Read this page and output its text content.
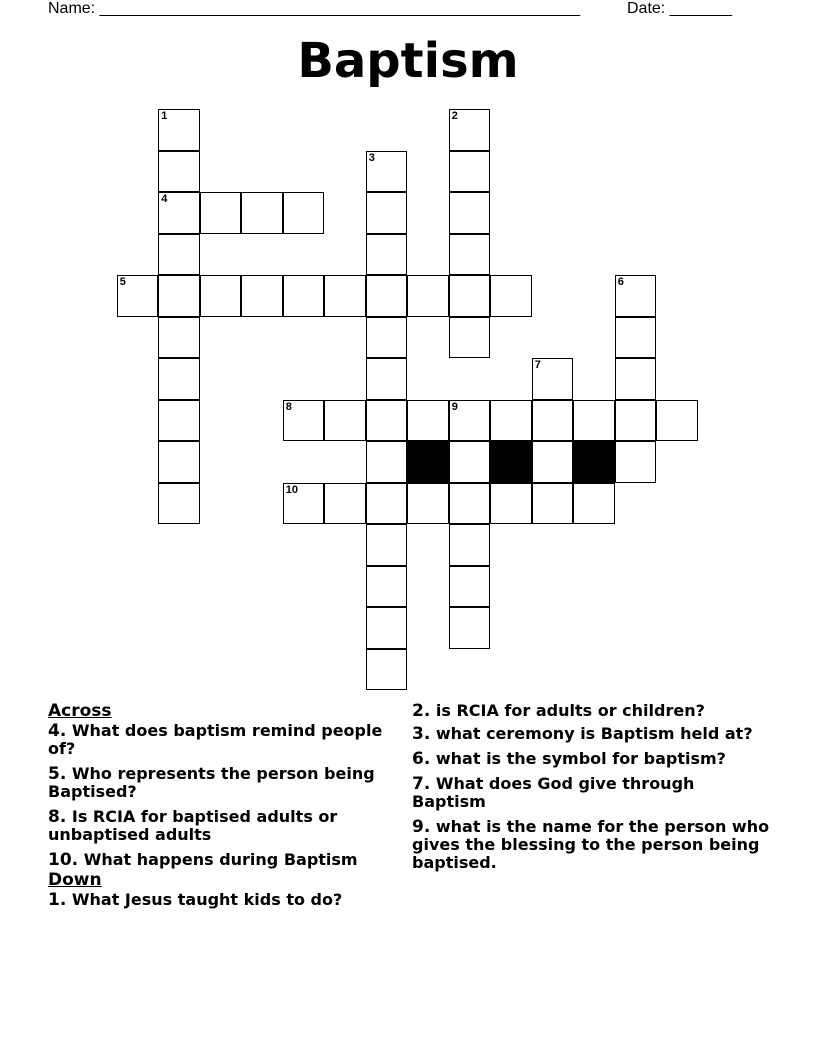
Name: ______________________________________________________	Date: _______
Baptism
1	2
3
4
5	6
7
8	9
10
Across
4. What does baptism remind people of?
5. Who represents the person being Baptised?
8. Is RCIA for baptised adults or unbaptised adults
10. What happens during Baptism
Down
1. What Jesus taught kids to do?
2. is RCIA for adults or children?
3. what ceremony is Baptism held at?
6. what is the symbol for baptism?
7. What does God give through Baptism
9. what is the name for the person who gives the blessing to the person being baptised.
